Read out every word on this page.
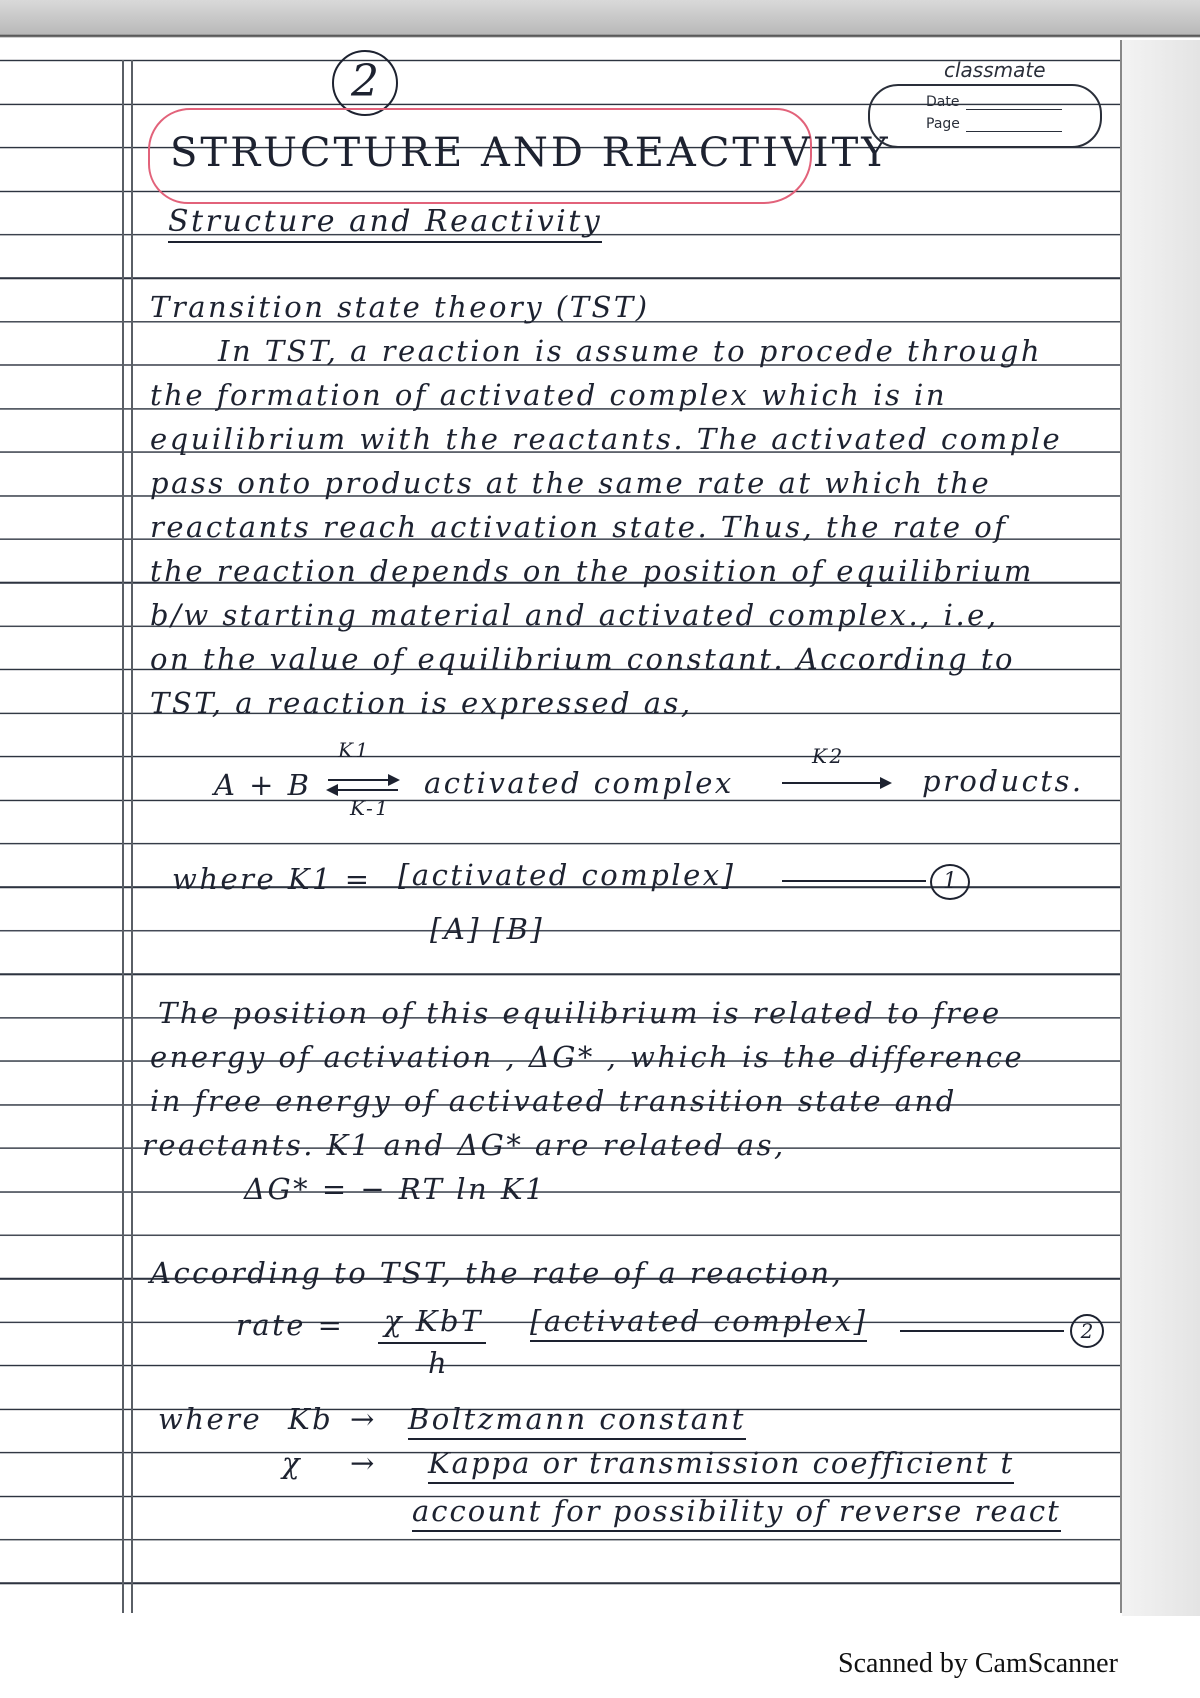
2
STRUCTURE AND REACTIVITY
classmate
Date
Page
Structure and Reactivity
Transition state theory (TST)
In TST, a reaction is assume to procede through
the formation of activated complex which is in
equilibrium with the reactants. The activated comple
pass onto products at the same rate at which the
reactants reach activation state. Thus, the rate of
the reaction depends on the position of equilibrium
b/w starting material and activated complex., i.e,
on the value of equilibrium constant. According to
TST, a reaction is expressed as,
A + B
K1
K-1
activated complex
K2
products.
where K1 = [activated complex]
[A] [B]
1
The position of this equilibrium is related to free
energy of activation , ΔG* , which is the difference
in free energy of activated transition state and
reactants. K1 and ΔG* are related as,
ΔG* = − RT ln K1
According to TST, the rate of a reaction,
rate = χ KbT
h
[activated complex]	2
where Kb → Boltzmann constant
χ → Kappa or transmission coefficient t
account for possibility of reverse react
Scanned by CamScanner
